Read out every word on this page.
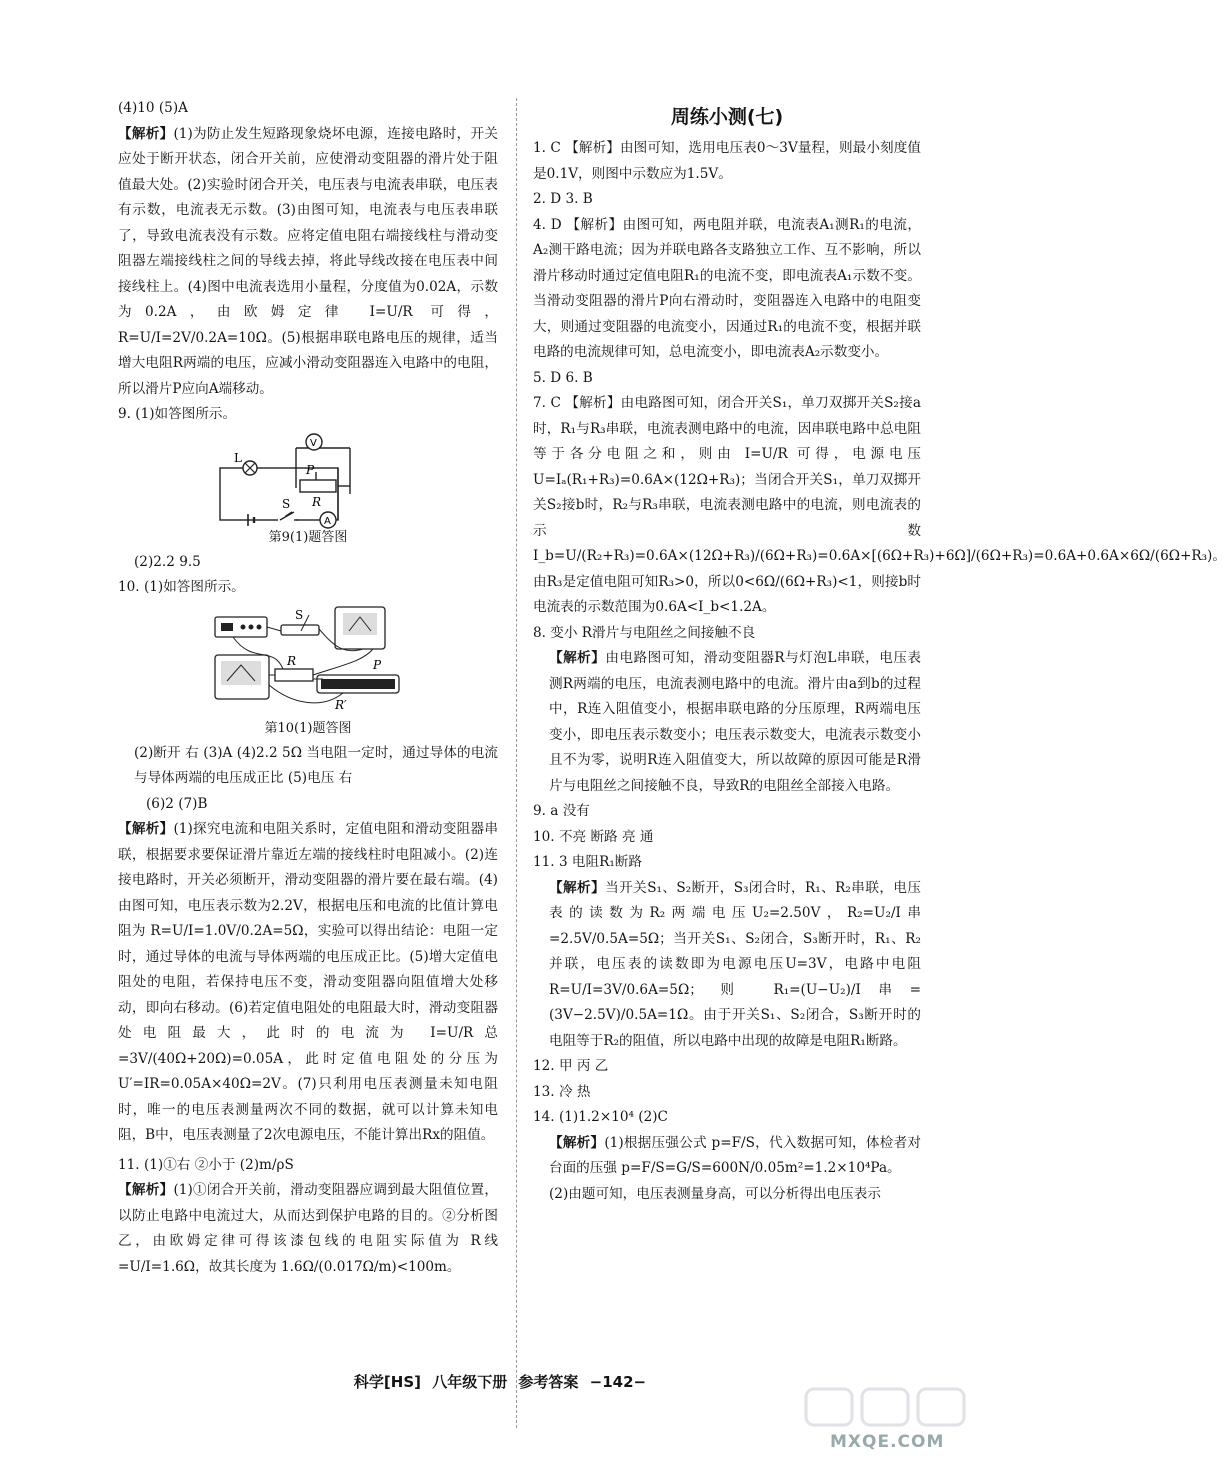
(4)10 (5)A

【解析】(1)为防止发生短路现象烧坏电源，连接电路时，开关应处于断开状态，闭合开关前，应使滑动变阻器的滑片处于阻值最大处。(2)实验时闭合开关，电压表与电流表串联，电压表有示数，电流表无示数。(3)由图可知，电流表与电压表串联了，导致电流表没有示数。应将定值电阻右端接线柱与滑动变阻器左端接线柱之间的导线去掉，将此导线改接在电压表中间接线柱上。(4)图中电流表选用小量程，分度值为0.02A，示数为0.2A，由欧姆定律 I=U/R 可得，R=U/I=2V/0.2A=10Ω。(5)根据串联电路电压的规律，适当增大电阻R两端的电压，应减小滑动变阻器连入电路中的电阻，所以滑片P应向A端移动。

9. (1)如答图所示。

L
V
P
R
S
A
第9(1)题答图

(2)2.2 9.5

10. (1)如答图所示。

S
R	P
R′
第10(1)题答图

(2)断开 右 (3)A (4)2.2 5Ω 当电阻一定时，通过导体的电流与导体两端的电压成正比 (5)电压 右

(6)2 (7)B

【解析】(1)探究电流和电阻关系时，定值电阻和滑动变阻器串联，根据要求要保证滑片靠近左端的接线柱时电阻减小。(2)连接电路时，开关必须断开，滑动变阻器的滑片要在最右端。(4)由图可知，电压表示数为2.2V，根据电压和电流的比值计算电阻为 R=U/I=1.0V/0.2A=5Ω，实验可以得出结论：电阻一定时，通过导体的电流与导体两端的电压成正比。(5)增大定值电阻处的电阻，若保持电压不变，滑动变阻器向阻值增大处移动，即向右移动。(6)若定值电阻处的电阻最大时，滑动变阻器处电阻最大，此时的电流为 I=U/R总=3V/(40Ω+20Ω)=0.05A，此时定值电阻处的分压为 U′=IR=0.05A×40Ω=2V。(7)只利用电压表测量未知电阻时，唯一的电压表测量两次不同的数据，就可以计算未知电阻，B中，电压表测量了2次电源电压，不能计算出Rx的阻值。

11. (1)①右 ②小于 (2)m/ρS

【解析】(1)①闭合开关前，滑动变阻器应调到最大阻值位置，以防止电路中电流过大，从而达到保护电路的目的。②分析图乙，由欧姆定律可得该漆包线的电阻实际值为 R线=U/I=1.6Ω，故其长度为 1.6Ω/(0.017Ω/m)<100m。

周练小测(七)

1. C 【解析】由图可知，选用电压表0～3V量程，则最小刻度值是0.1V，则图中示数应为1.5V。

2. D 3. B

4. D 【解析】由图可知，两电阻并联，电流表A₁测R₁的电流，A₂测干路电流；因为并联电路各支路独立工作、互不影响，所以滑片移动时通过定值电阻R₁的电流不变，即电流表A₁示数不变。当滑动变阻器的滑片P向右滑动时，变阻器连入电路中的电阻变大，则通过变阻器的电流变小，因通过R₁的电流不变，根据并联电路的电流规律可知，总电流变小，即电流表A₂示数变小。

5. D 6. B

7. C 【解析】由电路图可知，闭合开关S₁，单刀双掷开关S₂接a时，R₁与R₃串联，电流表测电路中的电流，因串联电路中总电阻等于各分电阻之和，则由 I=U/R 可得，电源电压 U=Iₐ(R₁+R₃)=0.6A×(12Ω+R₃)；当闭合开关S₁，单刀双掷开关S₂接b时，R₂与R₃串联，电流表测电路中的电流，则电流表的示数 I_b=U/(R₂+R₃)=0.6A×(12Ω+R₃)/(6Ω+R₃)=0.6A×[(6Ω+R₃)+6Ω]/(6Ω+R₃)=0.6A+0.6A×6Ω/(6Ω+R₃)。由R₃是定值电阻可知R₃>0，所以0<6Ω/(6Ω+R₃)<1，则接b时电流表的示数范围为0.6A<I_b<1.2A。

8. 变小 R滑片与电阻丝之间接触不良

【解析】由电路图可知，滑动变阻器R与灯泡L串联，电压表测R两端的电压，电流表测电路中的电流。滑片由a到b的过程中，R连入阻值变小，根据串联电路的分压原理，R两端电压变小，即电压表示数变小；电压表示数变大，电流表示数变小且不为零，说明R连入阻值变大，所以故障的原因可能是R滑片与电阻丝之间接触不良，导致R的电阻丝全部接入电路。

9. a 没有

10. 不亮 断路 亮 通

11. 3 电阻R₁断路

【解析】当开关S₁、S₂断开，S₃闭合时，R₁、R₂串联，电压表的读数为R₂两端电压U₂=2.50V，R₂=U₂/I串=2.5V/0.5A=5Ω；当开关S₁、S₂闭合，S₃断开时，R₁、R₂并联，电压表的读数即为电源电压U=3V，电路中电阻R=U/I=3V/0.6A=5Ω；则 R₁=(U−U₂)/I串=(3V−2.5V)/0.5A=1Ω。由于开关S₁、S₂闭合，S₃断开时的电阻等于R₂的阻值，所以电路中出现的故障是电阻R₁断路。

12. 甲 丙 乙

13. 冷 热

14. (1)1.2×10⁴ (2)C

【解析】(1)根据压强公式 p=F/S，代入数据可知，体检者对台面的压强 p=F/S=G/S=600N/0.05m²=1.2×10⁴Pa。

(2)由题可知，电压表测量身高，可以分析得出电压表示

科学[HS] 八年级下册 参考答案 −142−
MXQE.COM
